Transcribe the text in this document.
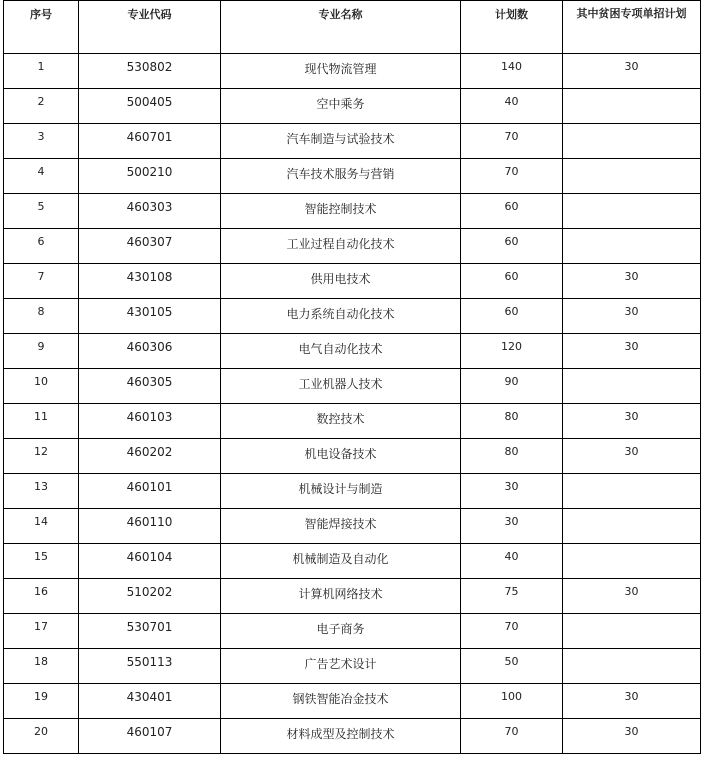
序号	专业代码	专业名称	计划数	其中贫困专项单招计划
1	530802	现代物流管理	140	30
2	500405	空中乘务	40	
3	460701	汽车制造与试验技术	70	
4	500210	汽车技术服务与营销	70	
5	460303	智能控制技术	60	
6	460307	工业过程自动化技术	60	
7	430108	供用电技术	60	30
8	430105	电力系统自动化技术	60	30
9	460306	电气自动化技术	120	30
10	460305	工业机器人技术	90	
11	460103	数控技术	80	30
12	460202	机电设备技术	80	30
13	460101	机械设计与制造	30	
14	460110	智能焊接技术	30	
15	460104	机械制造及自动化	40	
16	510202	计算机网络技术	75	30
17	530701	电子商务	70	
18	550113	广告艺术设计	50	
19	430401	钢铁智能冶金技术	100	30
20	460107	材料成型及控制技术	70	30
